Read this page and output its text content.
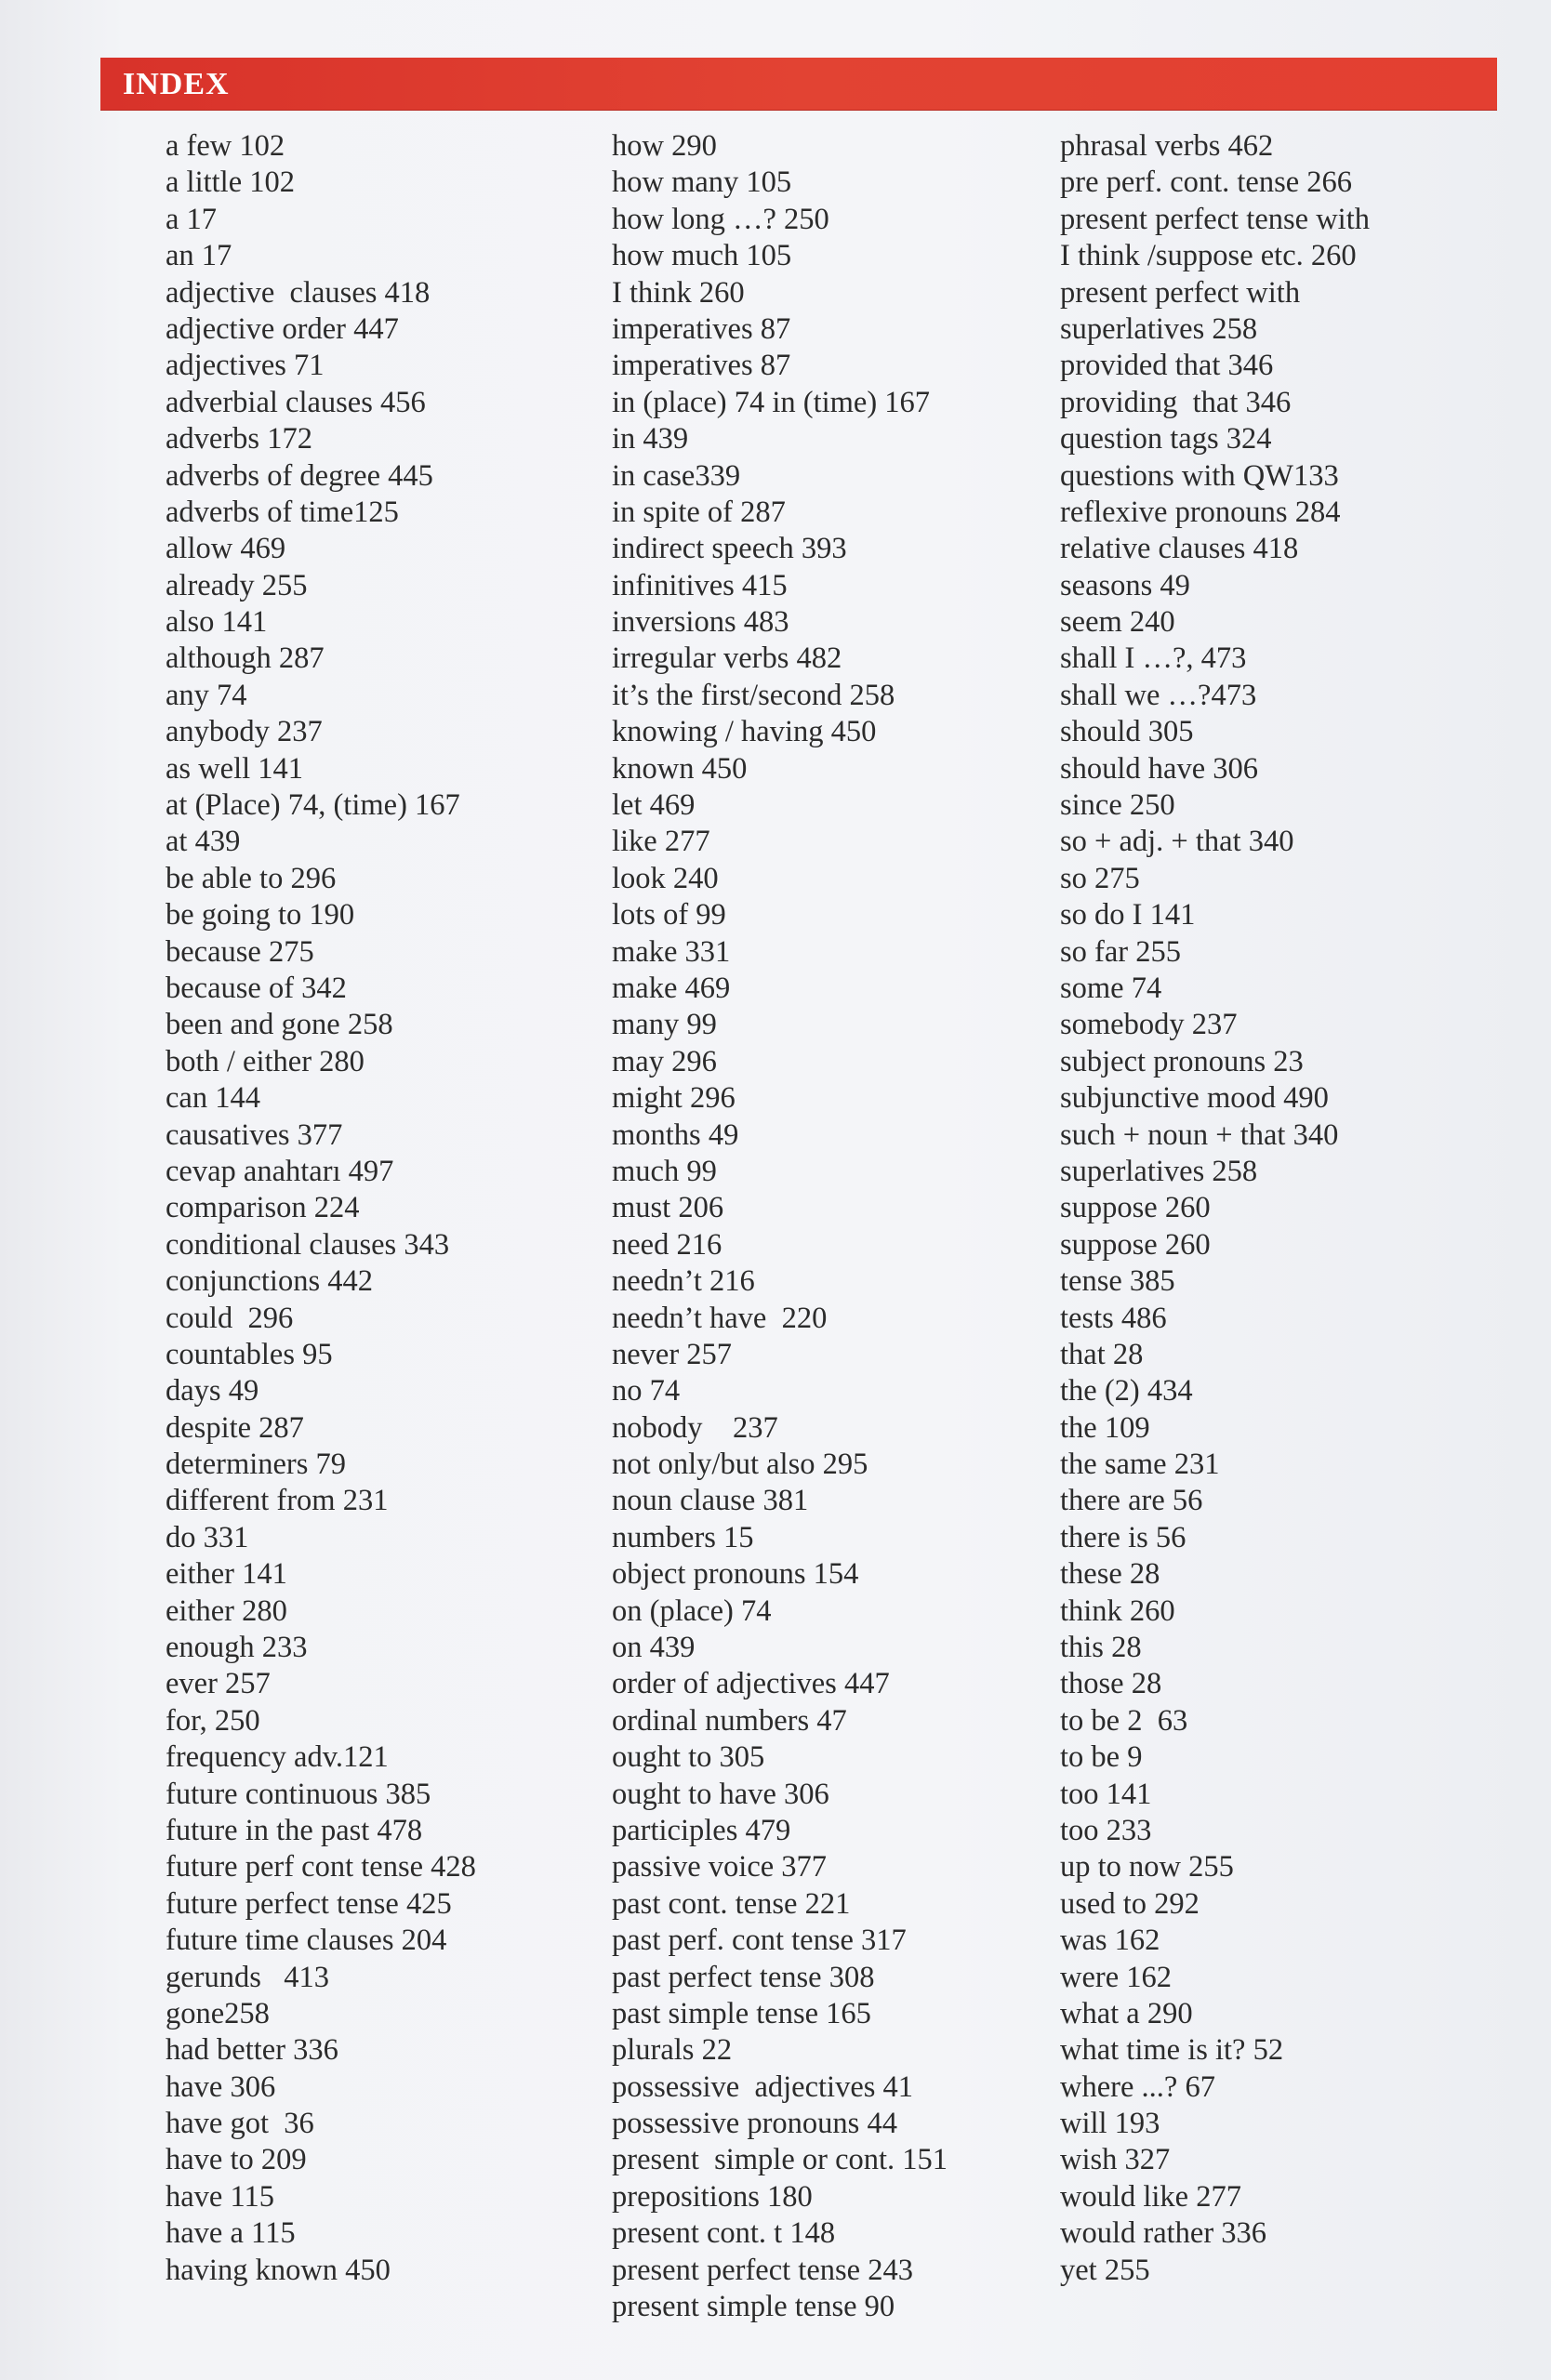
INDEX
a few 102
a little 102
a 17
an 17
adjective  clauses 418
adjective order 447
adjectives 71
adverbial clauses 456
adverbs 172
adverbs of degree 445
adverbs of time125
allow 469
already 255
also 141
although 287
any 74
anybody 237
as well 141
at (Place) 74, (time) 167
at 439
be able to 296
be going to 190
because 275
because of 342
been and gone 258
both / either 280
can 144
causatives 377
cevap anahtarı 497
comparison 224
conditional clauses 343
conjunctions 442
could  296
countables 95
days 49
despite 287
determiners 79
different from 231
do 331
either 141
either 280
enough 233
ever 257
for, 250
frequency adv.121
future continuous 385
future in the past 478
future perf cont tense 428
future perfect tense 425
future time clauses 204
gerunds   413
gone258
had better 336
have 306
have got  36
have to 209
have 115
have a 115
having known 450
how 290
how many 105
how long …? 250
how much 105
I think 260
imperatives 87
imperatives 87
in (place) 74 in (time) 167
in 439
in case339
in spite of 287
indirect speech 393
infinitives 415
inversions 483
irregular verbs 482
it’s the first/second 258
knowing / having 450
known 450
let 469
like 277
look 240
lots of 99
make 331
make 469
many 99
may 296
might 296
months 49
much 99
must 206
need 216
needn’t 216
needn’t have  220
never 257
no 74
nobody    237
not only/but also 295
noun clause 381
numbers 15
object pronouns 154
on (place) 74
on 439
order of adjectives 447
ordinal numbers 47
ought to 305
ought to have 306
participles 479
passive voice 377
past cont. tense 221
past perf. cont tense 317
past perfect tense 308
past simple tense 165
plurals 22
possessive  adjectives 41
possessive pronouns 44
present  simple or cont. 151
prepositions 180
present cont. t 148
present perfect tense 243
present simple tense 90
phrasal verbs 462
pre perf. cont. tense 266
present perfect tense with
I think /suppose etc. 260
present perfect with
superlatives 258
provided that 346
providing  that 346
question tags 324
questions with QW133
reflexive pronouns 284
relative clauses 418
seasons 49
seem 240
shall I …?, 473
shall we …?473
should 305
should have 306
since 250
so + adj. + that 340
so 275
so do I 141
so far 255
some 74
somebody 237
subject pronouns 23
subjunctive mood 490
such + noun + that 340
superlatives 258
suppose 260
suppose 260
tense 385
tests 486
that 28
the (2) 434
the 109
the same 231
there are 56
there is 56
these 28
think 260
this 28
those 28
to be 2  63
to be 9
too 141
too 233
up to now 255
used to 292
was 162
were 162
what a 290
what time is it? 52
where ...? 67
will 193
wish 327
would like 277
would rather 336
yet 255
